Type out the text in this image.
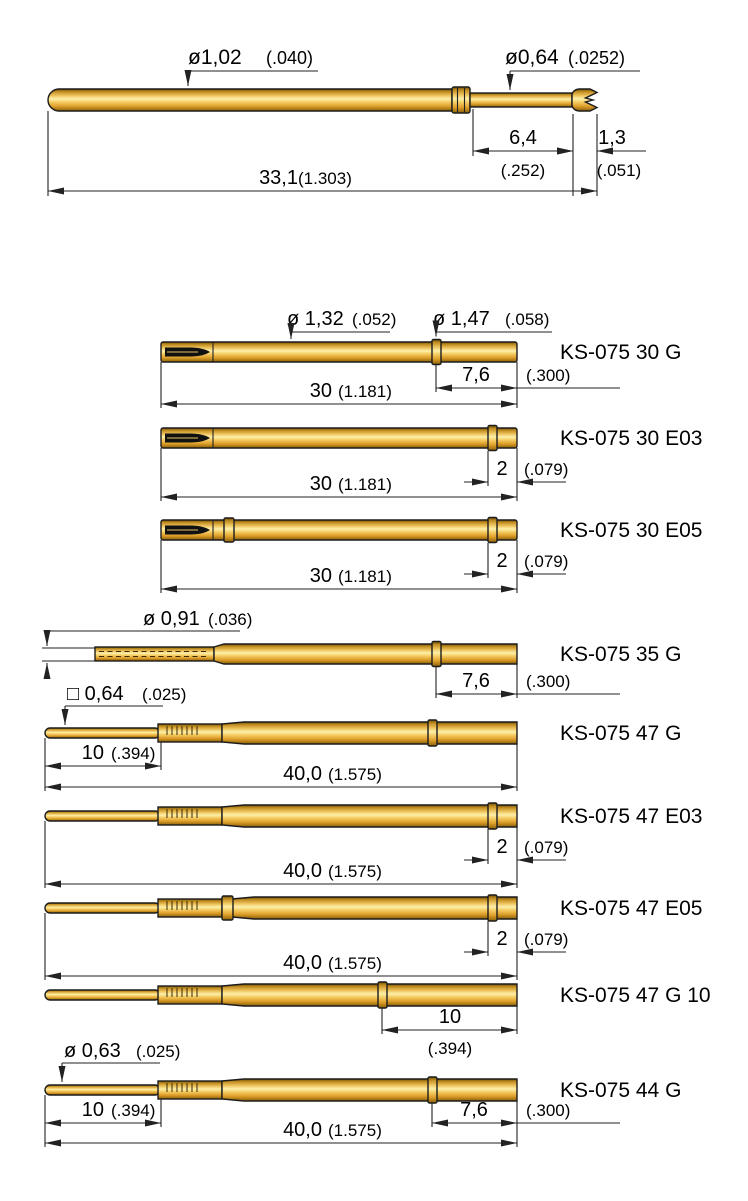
ø1,02 (.040)	ø0,64 (.0252)
6,4
(.252)
1,3
(.051)
33,1 (1.303)
ø 1,32 (.052) ø 1,47 (.058)
7,6 (.300)
30 (1.181)
KS-075 30 G
2 (.079)
30 (1.181)
KS-075 30 E03
2 (.079)
30 (1.181)
KS-075 30 E05
ø 0,91 (.036)
7,6 (.300)
KS-075 35 G
□ 0,64 (.025)
10 (.394)
40,0 (1.575)
KS-075 47 G
2 (.079)
40,0 (1.575)
KS-075 47 E03
2 (.079)
40,0 (1.575)
KS-075 47 E05
10
(.394)
KS-075 47 G 10
ø 0,63 (.025)
10 (.394)	7,6 (.300)
40,0 (1.575)
KS-075 44 G
